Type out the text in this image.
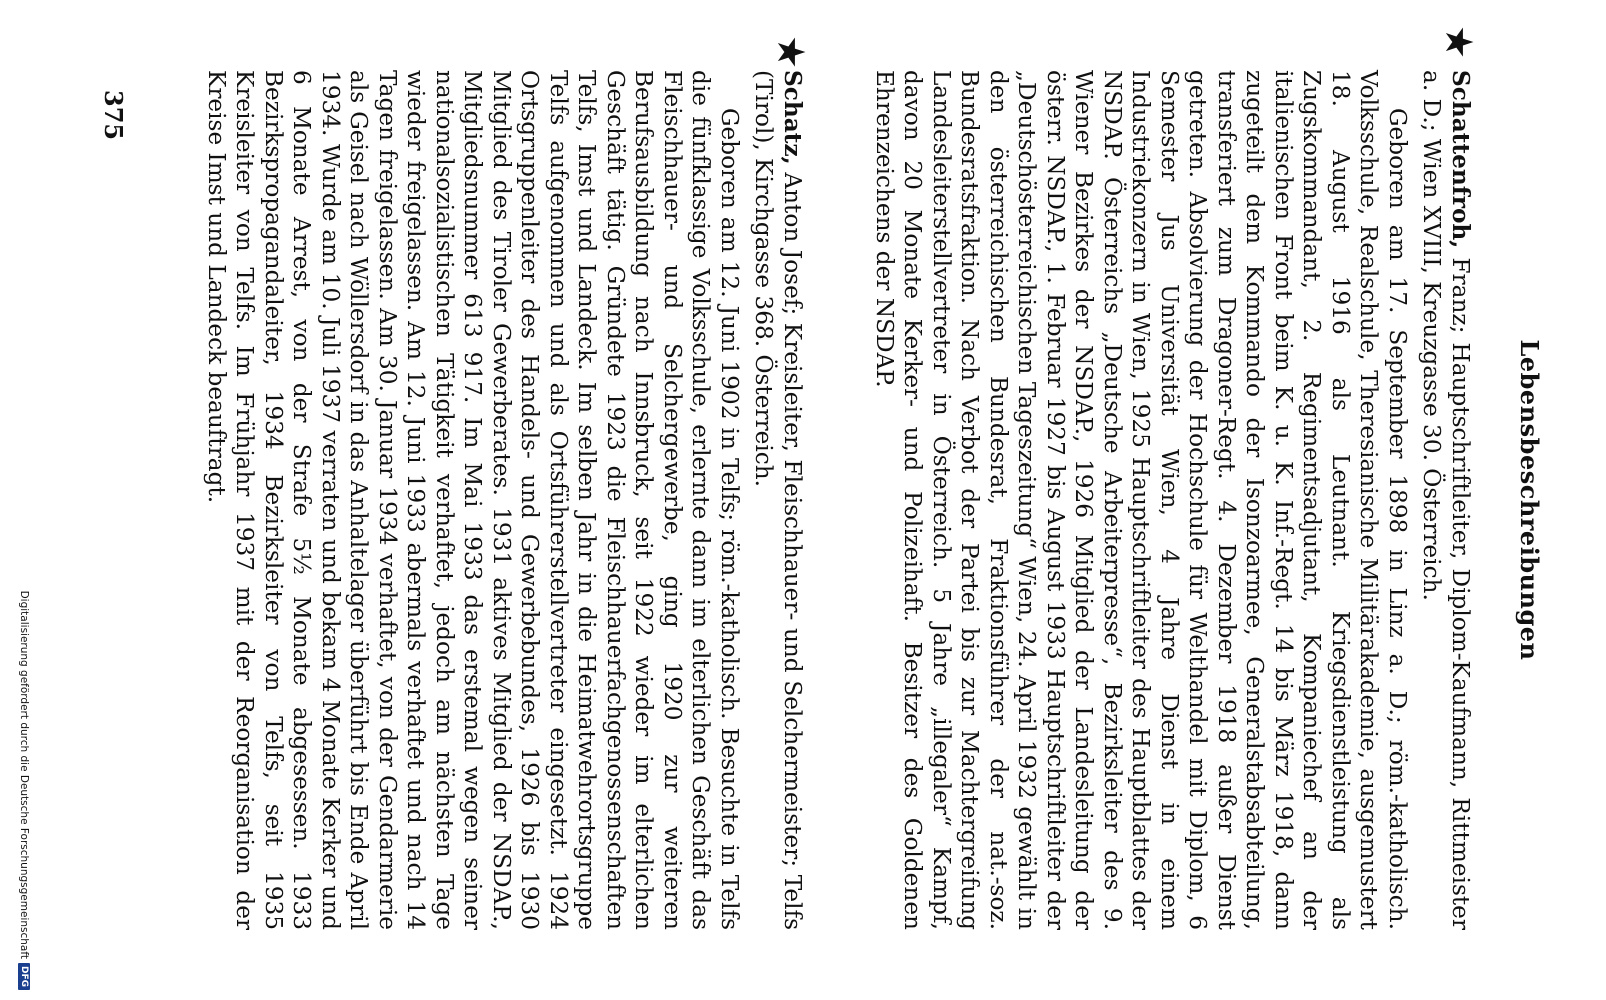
Lebensbeschreibungen
★

Schattenfroh, Franz; Hauptschriftleiter, Diplom-Kaufmann, Rittmeister a. D.; Wien XVIII, Kreuzgasse 30. Österreich.

Geboren am 17. September 1898 in Linz a. D.; röm.-katholisch. Volksschule, Realschule, Theresianische Militärakademie, ausgemustert 18. August 1916 als Leutnant. Kriegsdienstleistung als Zugskommandant, 2. Regimentsadjutant, Kompaniechef an der italienischen Front beim K. u. K. Inf.-Regt. 14 bis März 1918, dann zugeteilt dem Kommando der Isonzoarmee, Generalstabsabteilung, transferiert zum Dragoner-Regt. 4. Dezember 1918 außer Dienst getreten. Absolvierung der Hochschule für Welthandel mit Diplom, 6 Semester Jus Universität Wien, 4 Jahre Dienst in einem Industriekonzern in Wien, 1925 Hauptschriftleiter des Hauptblattes der NSDAP. Österreichs „Deutsche Arbeiterpresse“, Bezirksleiter des 9. Wiener Bezirkes der NSDAP., 1926 Mitglied der Landesleitung der österr. NSDAP., 1. Februar 1927 bis August 1933 Hauptschriftleiter der „Deutschösterreichischen Tageszeitung“ Wien, 24. April 1932 gewählt in den österreichischen Bundesrat, Fraktionsführer der nat.-soz. Bundesratsfraktion. Nach Verbot der Partei bis zur Machtergreifung Landesleiterstellvertreter in Österreich. 5 Jahre „illegaler“ Kampf, davon 20 Monate Kerker- und Polizeihaft. Besitzer des Goldenen Ehrenzeichens der NSDAP.

★

Schatz, Anton Josef; Kreisleiter, Fleischhauer- und Selchermeister; Telfs (Tirol), Kirchgasse 368. Österreich.

Geboren am 12. Juni 1902 in Telfs; röm.-katholisch. Besuchte in Telfs die fünfklassige Volksschule, erlernte dann im elterlichen Geschäft das Fleischhauer- und Selchergewerbe, ging 1920 zur weiteren Berufsausbildung nach Innsbruck, seit 1922 wieder im elterlichen Geschäft tätig. Gründete 1923 die Fleischhauerfachgenossenschaften Telfs, Imst und Landeck. Im selben Jahr in die Heimatwehrortsgruppe Telfs aufgenommen und als Ortsführerstellvertreter eingesetzt. 1924 Ortsgruppenleiter des Handels- und Gewerbebundes, 1926 bis 1930 Mitglied des Tiroler Gewerberates. 1931 aktives Mitglied der NSDAP., Mitgliedsnummer 613 917. Im Mai 1933 das erstemal wegen seiner nationalsozialistischen Tätigkeit verhaftet, jedoch am nächsten Tage wieder freigelassen. Am 12. Juni 1933 abermals verhaftet und nach 14 Tagen freigelassen. Am 30. Januar 1934 verhaftet, von der Gendarmerie als Geisel nach Wöllersdorf in das Anhaltelager überführt bis Ende April 1934. Wurde am 10. Juli 1937 verraten und bekam 4 Monate Kerker und 6 Monate Arrest, von der Strafe 5½ Monate abgesessen. 1933 Bezirkspropagandaleiter, 1934 Bezirksleiter von Telfs, seit 1935 Kreisleiter von Telfs. Im Frühjahr 1937 mit der Reorganisation der Kreise Imst und Landeck beauftragt.

375
Digitalisierung gefördert durch die Deutsche Forschungsgemeinschaft
DFG
